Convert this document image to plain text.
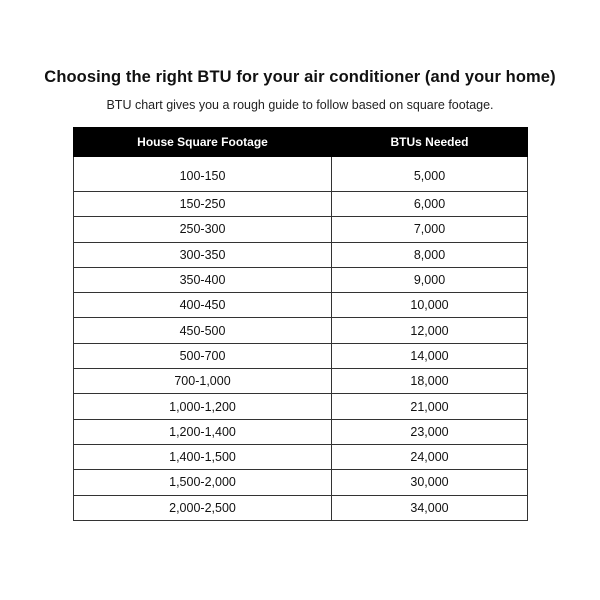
Choosing the right BTU for your air conditioner (and your home)
BTU chart gives you a rough guide to follow based on square footage.
House Square Footage	BTUs Needed
100-150	5,000
150-250	6,000
250-300	7,000
300-350	8,000
350-400	9,000
400-450	10,000
450-500	12,000
500-700	14,000
700-1,000	18,000
1,000-1,200	21,000
1,200-1,400	23,000
1,400-1,500	24,000
1,500-2,000	30,000
2,000-2,500	34,000
